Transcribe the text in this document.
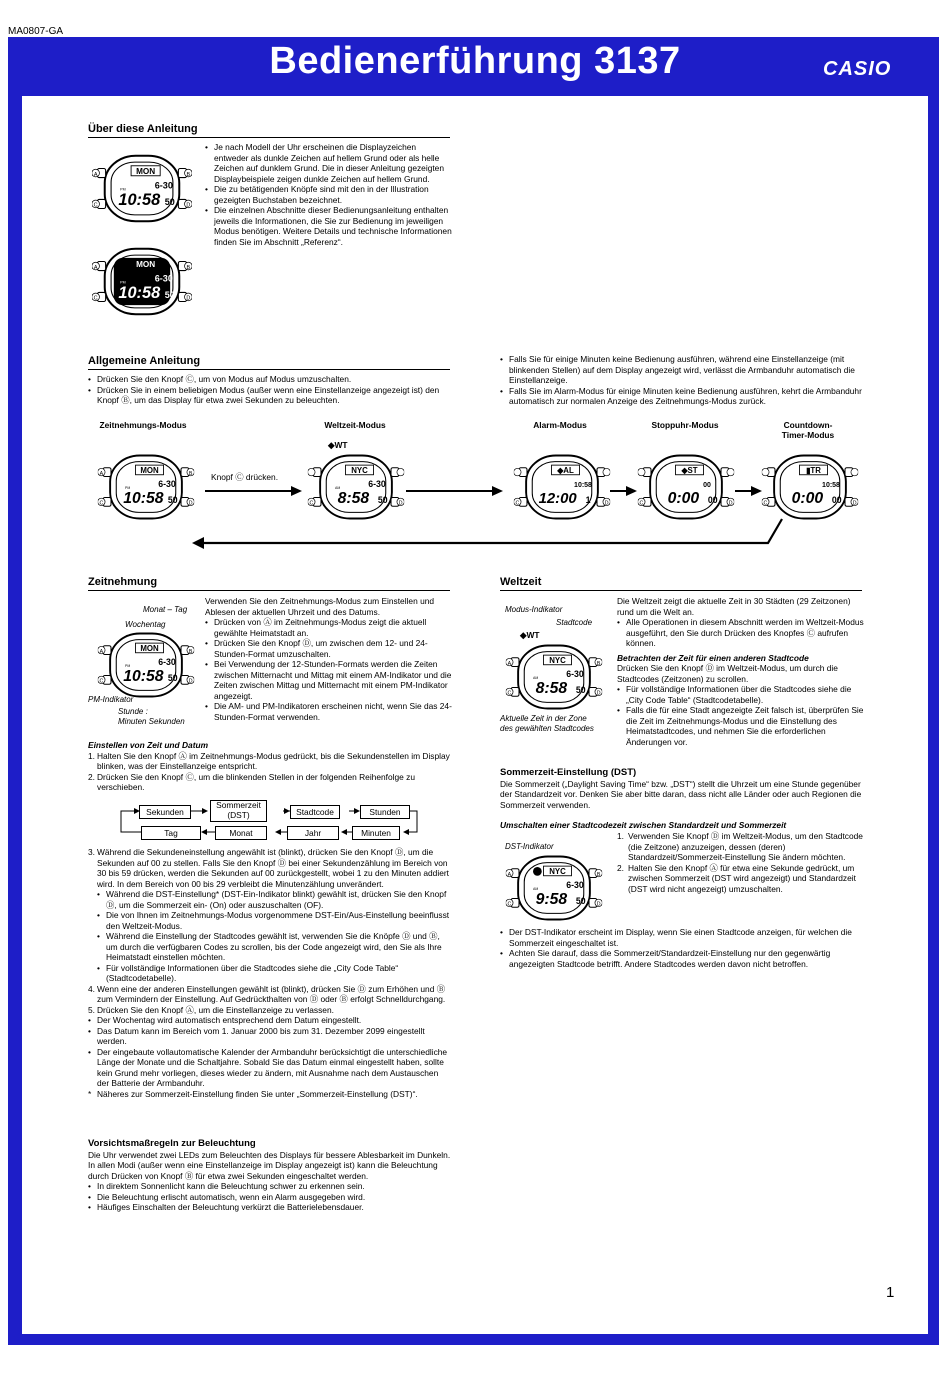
MA0807-GA
Bedienerführung 3137	CASIO
Über diese Anleitung
A	B
C	D
MON
PM	6-30
10:58 50
A	B
C	D
MON
PM	6-30
10:58 50
• Je nach Modell der Uhr erscheinen die Displayzeichen entweder als dunkle Zeichen auf hellem Grund oder als helle Zeichen auf dunklem Grund. Die in dieser Anleitung gezeigten Displaybeispiele zeigen dunkle Zeichen auf hellem Grund.
• Die zu betätigenden Knöpfe sind mit den in der Illustration gezeigten Buchstaben bezeichnet.
• Die einzelnen Abschnitte dieser Bedienungsanleitung enthalten jeweils die Informationen, die Sie zur Bedienung im jeweiligen Modus benötigen. Weitere Details und technische Informationen finden Sie im Abschnitt „Referenz“.
Allgemeine Anleitung
• Drücken Sie den Knopf Ⓒ, um von Modus auf Modus umzuschalten.
• Drücken Sie in einem beliebigen Modus (außer wenn eine Einstellanzeige angezeigt ist) den Knopf Ⓑ, um das Display für etwa zwei Sekunden zu beleuchten.
• Falls Sie für einige Minuten keine Bedienung ausführen, während eine Einstellanzeige (mit blinkenden Stellen) auf dem Display angezeigt wird, verlässt die Armbanduhr automatisch die Einstellanzeige.
• Falls Sie im Alarm-Modus für einige Minuten keine Bedienung ausführen, kehrt die Armbanduhr automatisch zur normalen Anzeige des Zeitnehmungs-Modus zurück.
Zeitnehmungs-Modus	Weltzeit-Modus	Alarm-Modus	Stoppuhr-Modus	Countdown-
Timer-Modus
A	B
C	D
MON
PM	6-30
10:58 50
Knopf Ⓒ drücken.
◆WT
C	D
NYC
AM	6-30
8:58 50	C	D
◆AL
10:58
12:00 1	C	D
◆ST
00
0:00 00	C	D
▮TR
10:58
0:00 00
Zeitnehmung
Monat – Tag
Wochentag
A	B
C	D
MON
PM	6-30
10:58 50
PM-Indikator
Stunde :
Minuten Sekunden

Verwenden Sie den Zeitnehmungs-Modus zum Einstellen und Ablesen der aktuellen Uhrzeit und des Datums.

• Drücken von Ⓐ im Zeitnehmungs-Modus zeigt die aktuell gewählte Heimatstadt an.
• Drücken Sie den Knopf Ⓓ, um zwischen dem 12- und 24-Stunden-Format umzuschalten.
• Bei Verwendung der 12-Stunden-Formats werden die Zeiten zwischen Mitternacht und Mittag mit einem AM-Indikator und die Zeiten zwischen Mittag und Mitternacht mit einem PM-Indikator angezeigt.
• Die AM- und PM-Indikatoren erscheinen nicht, wenn Sie das 24-Stunden-Format verwenden.

Einstellen von Zeit und Datum

1. Halten Sie den Knopf Ⓐ im Zeitnehmungs-Modus gedrückt, bis die Sekundenstellen im Display blinken, was der Einstellanzeige entspricht.
2. Drücken Sie den Knopf Ⓒ, um die blinkenden Stellen in der folgenden Reihenfolge zu verschieben.
Sekunden
Sommerzeit
(DST)	Stadtcode	Stunden
Tag	Monat	Jahr	Minuten
3. Während die Sekundeneinstellung angewählt ist (blinkt), drücken Sie den Knopf Ⓓ, um die Sekunden auf 00 zu stellen. Falls Sie den Knopf Ⓓ bei einer Sekundenzählung im Bereich von 30 bis 59 drücken, werden die Sekunden auf 00 zurückgestellt, wobei 1 zu den Minuten addiert wird. In dem Bereich von 00 bis 29 verbleibt die Minutenzählung unverändert.
• Während die DST-Einstellung* (DST-Ein-Indikator blinkt) gewählt ist, drücken Sie den Knopf Ⓓ, um die Sommerzeit ein- (On) oder auszuschalten (OF).
• Die von Ihnen im Zeitnehmungs-Modus vorgenommene DST-Ein/Aus-Einstellung beeinflusst den Weltzeit-Modus.
• Während die Einstellung der Stadtcodes gewählt ist, verwenden Sie die Knöpfe Ⓓ und Ⓑ, um durch die verfügbaren Codes zu scrollen, bis der Code angezeigt wird, den Sie als Ihre Heimatstadt einstellen möchten.
• Für vollständige Informationen über die Stadtcodes siehe die „City Code Table“ (Stadtcodetabelle).
4. Wenn eine der anderen Einstellungen gewählt ist (blinkt), drücken Sie Ⓓ zum Erhöhen und Ⓑ zum Vermindern der Einstellung. Auf Gedrückthalten von Ⓓ oder Ⓑ erfolgt Schnelldurchgang.
5. Drücken Sie den Knopf Ⓐ, um die Einstellanzeige zu verlassen.
• Der Wochentag wird automatisch entsprechend dem Datum eingestellt.
• Das Datum kann im Bereich vom 1. Januar 2000 bis zum 31. Dezember 2099 eingestellt werden.
• Der eingebaute vollautomatische Kalender der Armbanduhr berücksichtigt die unterschiedliche Länge der Monate und die Schaltjahre. Sobald Sie das Datum einmal eingestellt haben, sollte kein Grund mehr vorliegen, dieses wieder zu ändern, mit Ausnahme nach dem Austauschen der Batterie der Armbanduhr.

* Näheres zur Sommerzeit-Einstellung finden Sie unter „Sommerzeit-Einstellung (DST)“.

Vorsichtsmaßregeln zur Beleuchtung

Die Uhr verwendet zwei LEDs zum Beleuchten des Displays für bessere Ablesbarkeit im Dunkeln. In allen Modi (außer wenn eine Einstellanzeige im Display angezeigt ist) kann die Beleuchtung durch Drücken von Knopf Ⓑ für etwa zwei Sekunden eingeschaltet werden.

• In direktem Sonnenlicht kann die Beleuchtung schwer zu erkennen sein.
• Die Beleuchtung erlischt automatisch, wenn ein Alarm ausgegeben wird.
• Häufiges Einschalten der Beleuchtung verkürzt die Batterielebensdauer.
Weltzeit
Modus-Indikator
Stadtcode
◆WT
A	B
C	D
NYC
AM	6-30
8:58 50
Aktuelle Zeit in der Zone
des gewählten Stadtcodes

Die Weltzeit zeigt die aktuelle Zeit in 30 Städten (29 Zeitzonen) rund um die Welt an.

• Alle Operationen in diesem Abschnitt werden im Weltzeit-Modus ausgeführt, den Sie durch Drücken des Knopfes Ⓒ aufrufen können.

Betrachten der Zeit für einen anderen Stadtcode

Drücken Sie den Knopf Ⓓ im Weltzeit-Modus, um durch die Stadtcodes (Zeitzonen) zu scrollen.

• Für vollständige Informationen über die Stadtcodes siehe die „City Code Table“ (Stadtcodetabelle).
• Falls die für eine Stadt angezeigte Zeit falsch ist, überprüfen Sie die Zeit im Zeitnehmungs-Modus und die Einstellung des Heimatstadtcodes, und nehmen Sie die erforderlichen Änderungen vor.

Sommerzeit-Einstellung (DST)

Die Sommerzeit („Daylight Saving Time“ bzw. „DST“) stellt die Uhrzeit um eine Stunde gegenüber der Standardzeit vor. Denken Sie aber bitte daran, dass nicht alle Länder oder auch Regionen die Sommerzeit verwenden.

Umschalten einer Stadtcodezeit zwischen Standardzeit und Sommerzeit

DST-Indikator
A	B
C	D
NYC
AM	6-30
9:58 50
1. Verwenden Sie Knopf Ⓓ im Weltzeit-Modus, um den Stadtcode (die Zeitzone) anzuzeigen, dessen (deren) Standardzeit/Sommerzeit-Einstellung Sie ändern möchten.
2. Halten Sie den Knopf Ⓐ für etwa eine Sekunde gedrückt, um zwischen Sommerzeit (DST wird angezeigt) und Standardzeit (DST wird nicht angezeigt) umzuschalten.
• Der DST-Indikator erscheint im Display, wenn Sie einen Stadtcode anzeigen, für welchen die Sommerzeit eingeschaltet ist.
• Achten Sie darauf, dass die Sommerzeit/Standardzeit-Einstellung nur den gegenwärtig angezeigten Stadtcode betrifft. Andere Stadtcodes werden davon nicht betroffen.
1
